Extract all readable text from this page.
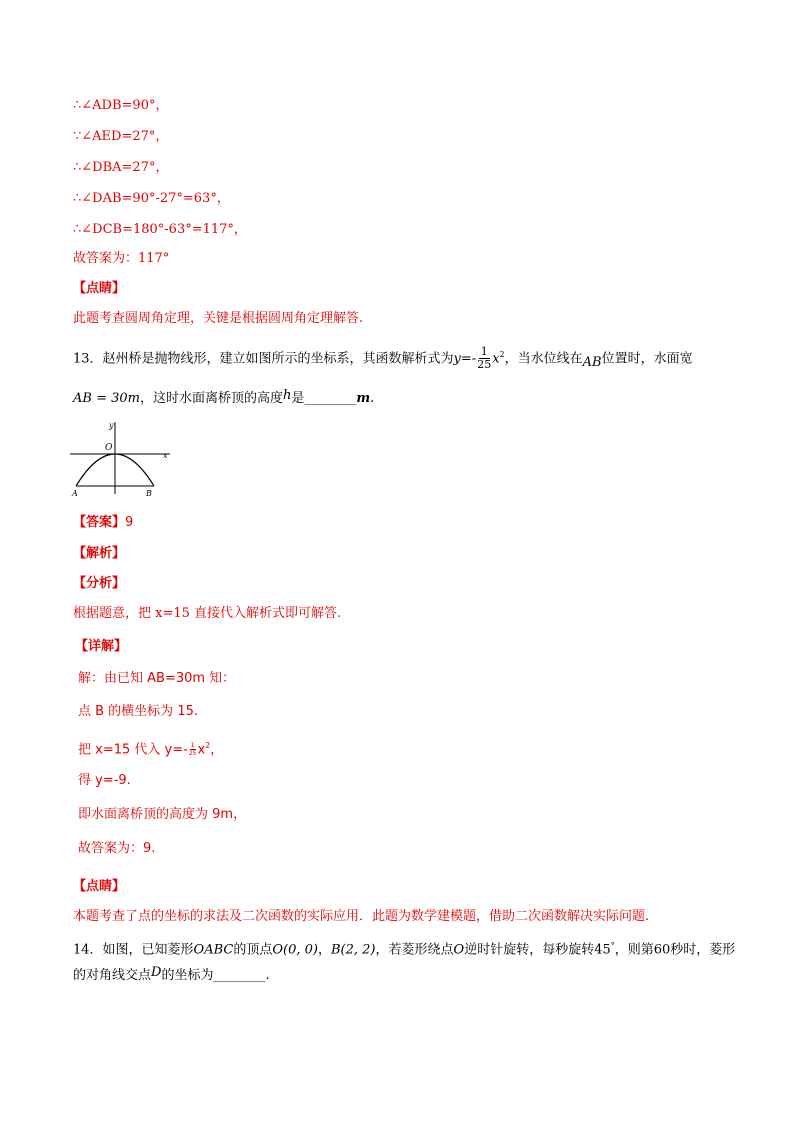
∴∠ADB=90°，
∵∠AED=27°，
∴∠DBA=27°，
∴∠DAB=90°-27°=63°，
∴∠DCB=180°-63°=117°，
故答案为：117°
【点睛】
此题考查圆周角定理，关键是根据圆周角定理解答.
13．赵州桥是抛物线形，建立如图所示的坐标系，其函数解析式为$y=- \frac{1}{25} x^2$，当水位线在AB位置时，水面宽
AB = 30m，这时水面离桥顶的高度h是________m.
y
O
x
A	B
【答案】9
【解析】
【分析】
根据题意，把 x=15 直接代入解析式即可解答.
【详解】
解：由已知 AB=30m 知：
点 B 的横坐标为 15.
把 x=15 代入 $y=- \frac{1}{25} x^2$，
得 y=-9.
即水面离桥顶的高度为 9m，
故答案为：9.
【点睛】
本题考查了点的坐标的求法及二次函数的实际应用．此题为数学建模题，借助二次函数解决实际问题.
14．如图，已知菱形OABC的顶点O(0, 0)，B(2, 2)，若菱形绕点O逆时针旋转，每秒旋转45°，则第60秒时，菱形
的对角线交点D的坐标为________.
